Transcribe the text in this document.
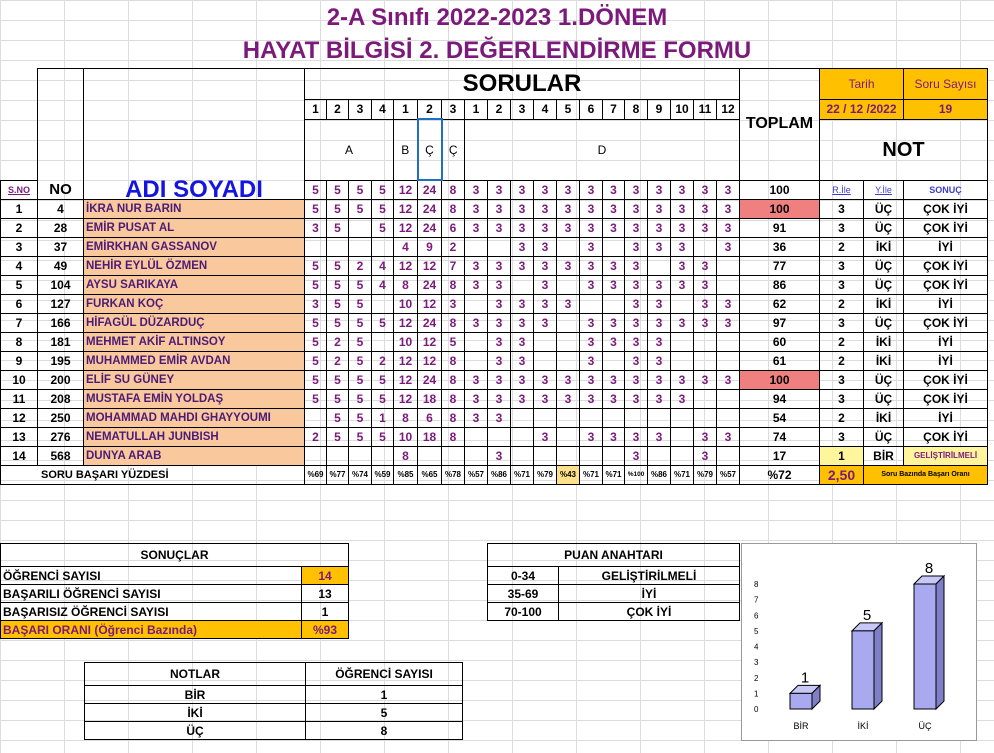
2-A Sınıfı 2022-2023 1.DÖNEM
HAYAT BİLGİSİ 2. DEĞERLENDİRME FORMU
			SORULAR																			TOPLAM	Tarih		Soru Sayısı
			1	2	3	4	1	2	3	1	2	3	4	5	6	7	8	9	10	11	12		22 / 12 /2022		19
			A				B	Ç	Ç	D													NOT		
S.NO	NO	ADI SOYADI	5	5	5	5	12	24	8	3	3	3	3	3	3	3	3	3	3	3	3	100	R.İle	Y.İle	SONUÇ
1	4	İKRA NUR BARIN	5	5	5	5	12	24	8	3	3	3	3	3	3	3	3	3	3	3	3	100	3	ÜÇ	ÇOK İYİ
2	28	EMİR PUSAT AL	3	5		5	12	24	6	3	3	3	3	3	3	3	3	3	3	3	3	91	3	ÜÇ	ÇOK İYİ
3	37	EMİRKHAN GASSANOV					4	9	2			3	3		3		3	3	3		3	36	2	İKİ	İYİ
4	49	NEHİR EYLÜL ÖZMEN	5	5	2	4	12	12	7	3	3	3	3	3	3	3	3		3	3		77	3	ÜÇ	ÇOK İYİ
5	104	AYSU SARIKAYA	5	5	5	4	8	24	8	3	3		3		3	3	3	3	3	3		86	3	ÜÇ	ÇOK İYİ
6	127	FURKAN KOÇ	3	5	5		10	12	3		3	3	3	3			3	3		3	3	62	2	İKİ	İYİ
7	166	HİFAGÜL DÜZARDUÇ	5	5	5	5	12	24	8	3	3	3	3		3	3	3	3	3	3	3	97	3	ÜÇ	ÇOK İYİ
8	181	MEHMET AKİF ALTINSOY	5	2	5		10	12	5		3	3			3	3	3	3				60	2	İKİ	İYİ
9	195	MUHAMMED EMİR AVDAN	5	2	5	2	12	12	8		3	3			3		3	3				61	2	İKİ	İYİ
10	200	ELİF SU GÜNEY	5	5	5	5	12	24	8	3	3	3	3	3	3	3	3	3	3	3	3	100	3	ÜÇ	ÇOK İYİ
11	208	MUSTAFA EMİN YOLDAŞ	5	5	5	5	12	18	8	3	3	3	3	3	3	3	3	3	3			94	3	ÜÇ	ÇOK İYİ
12	250	MOHAMMAD MAHDI GHAYYOUMI		5	5	1	8	6	8	3	3											54	2	İKİ	İYİ
13	276	NEMATULLAH JUNBISH	2	5	5	5	10	18	8				3		3	3	3	3		3	3	74	3	ÜÇ	ÇOK İYİ
14	568	DUNYA ARAB					8				3						3			3		17	1	BİR	GELİŞTİRİLMELİ
SORU BAŞARI YÜZDESİ			%69	%77	%74	%59	%85	%65	%78	%57	%86	%71	%79	%43	%71	%71	%100	%86	%71	%79	%57	%72	2,50	Soru Bazında Başarı Oranı	
SONUÇLAR	
ÖĞRENCİ SAYISI	14
BAŞARILI ÖĞRENCİ SAYISI	13
BAŞARISIZ ÖĞRENCİ SAYISI	1
BAŞARI ORANI (Öğrenci Bazında)	%93
PUAN ANAHTARI	
0-34	GELİŞTİRİLMELİ
35-69	İYİ
70-100	ÇOK İYİ
NOTLAR	ÖĞRENCİ SAYISI
BİR	1
İKİ	5
ÜÇ	8
0
1
2
3
4
5
6
7
8
1
BİR
5
İKİ
8
ÜÇ
